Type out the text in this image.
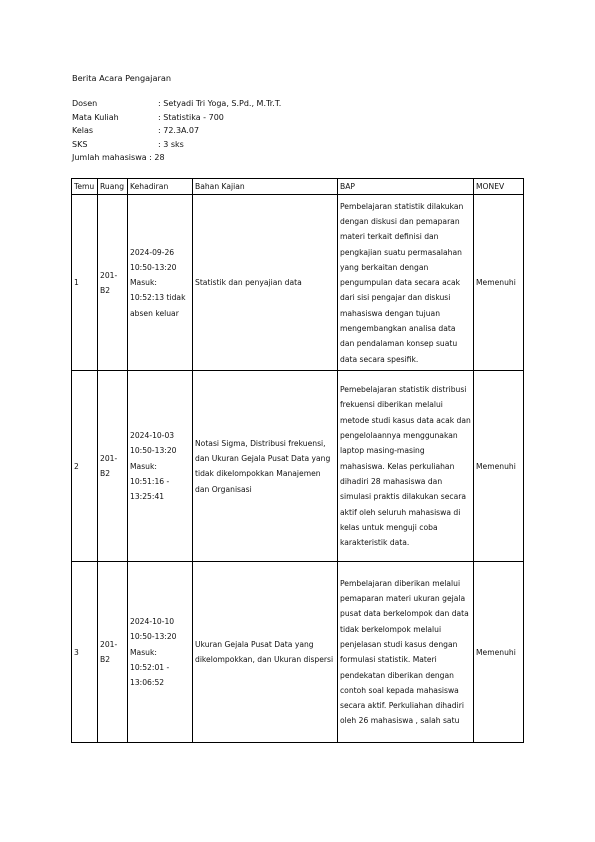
Berita Acara Pengajaran
Dosen	: Setyadi Tri Yoga, S.Pd., M.Tr.T.
Mata Kuliah	: Statistika - 700
Kelas	: 72.3A.07
SKS	: 3 sks
Jumlah mahasiswa : 28
Temu	Ruang	Kehadiran	Bahan Kajian	BAP	MONEV
1	201-B2	2024-09-26 10:50-13:20 Masuk: 10:52:13 tidak absen keluar	Statistik dan penyajian data	Pembelajaran statistik dilakukan dengan diskusi dan pemaparan materi terkait definisi dan pengkajian suatu permasalahan yang berkaitan dengan pengumpulan data secara acak dari sisi pengajar dan diskusi mahasiswa dengan tujuan mengembangkan analisa data dan pendalaman konsep suatu data secara spesifik.	Memenuhi
2	201-B2	2024-10-03 10:50-13:20 Masuk: 10:51:16 - 13:25:41	Notasi Sigma, Distribusi frekuensi, dan Ukuran Gejala Pusat Data yang tidak dikelompokkan Manajemen dan Organisasi	Pemebelajaran statistik distribusi frekuensi diberikan melalui metode studi kasus data acak dan pengelolaannya menggunakan laptop masing-masing mahasiswa. Kelas perkuliahan dihadiri 28 mahasiswa dan simulasi praktis dilakukan secara aktif oleh seluruh mahasiswa di kelas untuk menguji coba karakteristik data.	Memenuhi
3	201-B2	2024-10-10 10:50-13:20 Masuk: 10:52:01 - 13:06:52	Ukuran Gejala Pusat Data yang dikelompokkan, dan Ukuran dispersi	Pembelajaran diberikan melalui pemaparan materi ukuran gejala pusat data berkelompok dan data tidak berkelompok melalui penjelasan studi kasus dengan formulasi statistik. Materi pendekatan diberikan dengan contoh soal kepada mahasiswa secara aktif. Perkuliahan dihadiri oleh 26 mahasiswa , salah satu	Memenuhi
